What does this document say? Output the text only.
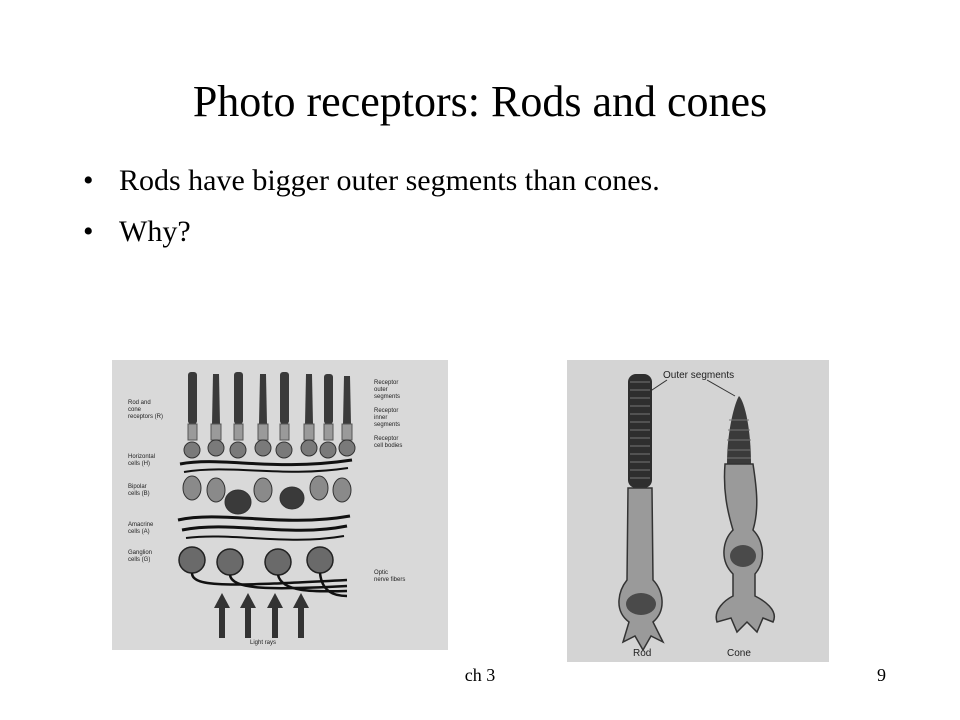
Photo receptors: Rods and cones
• Rods have bigger outer segments than cones.
• Why?
Rod and
cone
receptors (R)
Horizontal
cells (H)
Bipolar
cells (B)
Amacrine
cells (A)
Ganglion
cells (G)
Receptor
outer
segments
Receptor
inner
segments
Receptor
cell bodies
Optic
nerve fibers
Light rays
Outer segments
Rod	Cone
ch 3	9
